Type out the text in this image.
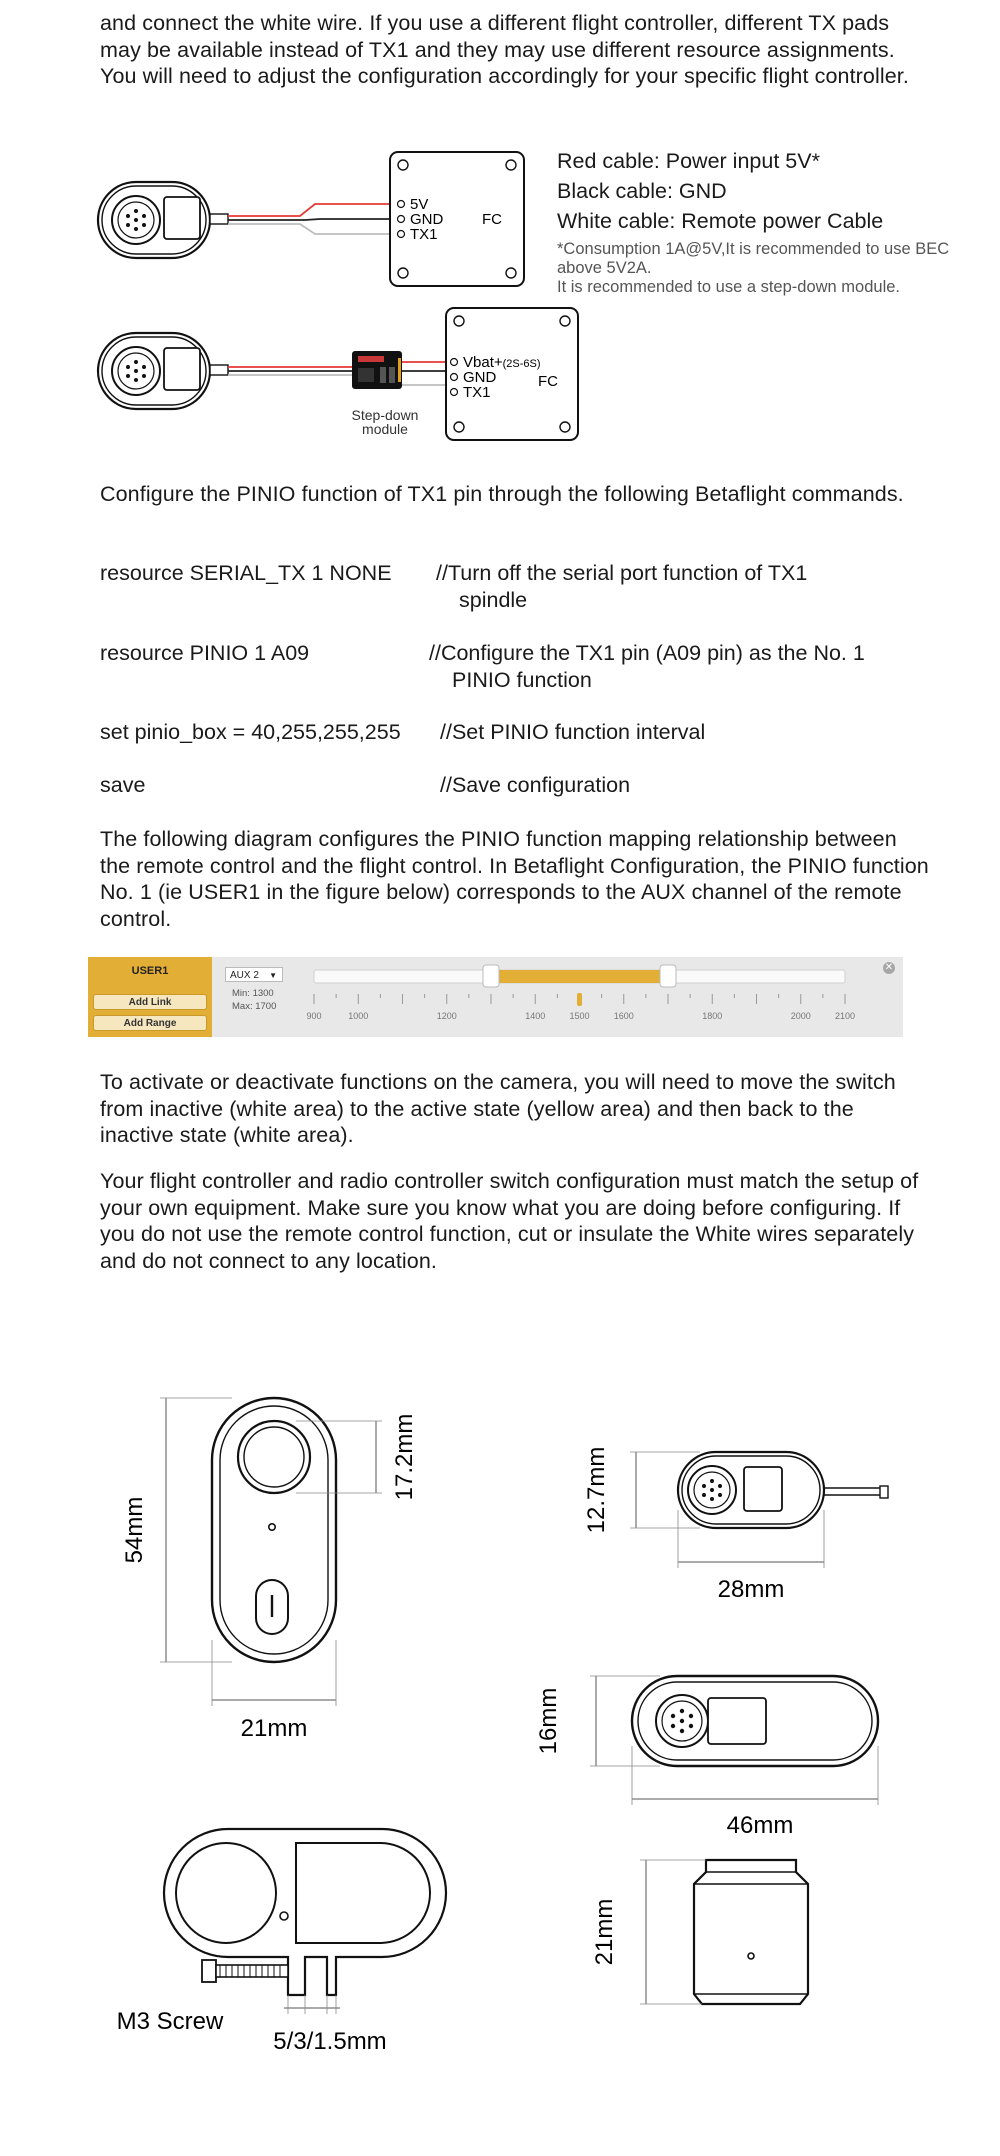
and connect the white wire. If you use a different flight controller, different TX pads may be available instead of TX1 and they may use different resource assignments. You will need to adjust the configuration accordingly for your specific flight controller.
5V
GND
TX1
FC
Step-down
module
Vbat+(2S-6S)
GND
TX1
FC
Red cable: Power input 5V*
Black cable: GND
White cable: Remote power Cable
*Consumption 1A@5V,It is recommended to use BEC above 5V2A.
It is recommended to use a step-down module.
Configure the PINIO function of TX1 pin through the following Betaflight commands.
resource SERIAL_TX 1 NONE //Turn off the serial port function of TX1
spindle
resource PINIO 1 A09	//Configure the TX1 pin (A09 pin) as the No. 1
PINIO function
set pinio_box = 40,255,255,255 //Set PINIO function interval
save	//Save configuration
The following diagram configures the PINIO function mapping relationship between the remote control and the flight control. In Betaflight Configuration, the PINIO function No. 1 (ie USER1 in the figure below) corresponds to the AUX channel of the remote control.
USER1
Add Link
Add Range
AUX 2 ▼
Min: 1300
Max: 1700
✕
900	1000	1200	1400	1500	1600	1800	2000	2100
To activate or deactivate functions on the camera, you will need to move the switch from inactive (white area) to the active state (yellow area) and then back to the inactive state (white area).
Your flight controller and radio controller switch configuration must match the setup of your own equipment. Make sure you know what you are doing before configuring. If you do not use the remote control function, cut or insulate the White wires separately and do not connect to any location.
54mm
17.2mm
21mm
12.7mm
28mm
16mm
46mm
M3 Screw
5/3/1.5mm
21mm
